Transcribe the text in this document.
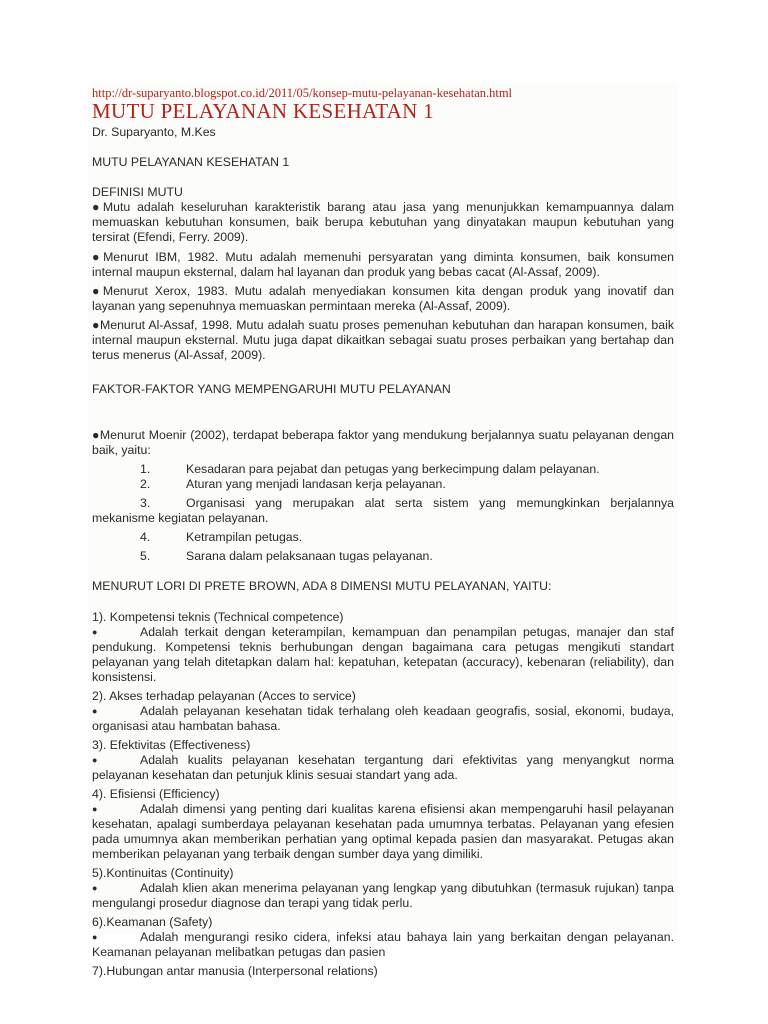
http://dr-suparyanto.blogspot.co.id/2011/05/konsep-mutu-pelayanan-kesehatan.html
MUTU PELAYANAN KESEHATAN 1

Dr. Suparyanto, M.Kes

MUTU PELAYANAN KESEHATAN 1

DEFINISI MUTU

●Mutu adalah keseluruhan karakteristik barang atau jasa yang menunjukkan kemampuannya dalam memuaskan kebutuhan konsumen, baik berupa kebutuhan yang dinyatakan maupun kebutuhan yang tersirat (Efendi, Ferry. 2009).

●Menurut IBM, 1982. Mutu adalah memenuhi persyaratan yang diminta konsumen, baik konsumen internal maupun eksternal, dalam hal layanan dan produk yang bebas cacat (Al-Assaf, 2009).

●Menurut Xerox, 1983. Mutu adalah menyediakan konsumen kita dengan produk yang inovatif dan layanan yang sepenuhnya memuaskan permintaan mereka (Al-Assaf, 2009).

●Menurut Al-Assaf, 1998. Mutu adalah suatu proses pemenuhan kebutuhan dan harapan konsumen, baik internal maupun eksternal. Mutu juga dapat dikaitkan sebagai suatu proses perbaikan yang bertahap dan terus menerus (Al-Assaf, 2009).

FAKTOR-FAKTOR YANG MEMPENGARUHI MUTU PELAYANAN

●Menurut Moenir (2002), terdapat beberapa faktor yang mendukung berjalannya suatu pelayanan dengan baik, yaitu:

1.	Kesadaran para pejabat dan petugas yang berkecimpung dalam pelayanan.

2.	Aturan yang menjadi landasan kerja pelayanan.

3.	Organisasi yang merupakan alat serta sistem yang memungkinkan berjalannya mekanisme kegiatan pelayanan.

4.	Ketrampilan petugas.

5.	Sarana dalam pelaksanaan tugas pelayanan.

MENURUT LORI DI PRETE BROWN, ADA 8 DIMENSI MUTU PELAYANAN, YAITU:

1). Kompetensi teknis (Technical competence)

●	Adalah terkait dengan keterampilan, kemampuan dan penampilan petugas, manajer dan staf pendukung. Kompetensi teknis berhubungan dengan bagaimana cara petugas mengikuti standart pelayanan yang telah ditetapkan dalam hal: kepatuhan, ketepatan (accuracy), kebenaran (reliability), dan konsistensi.

2). Akses terhadap pelayanan (Acces to service)

●	Adalah pelayanan kesehatan tidak terhalang oleh keadaan geografis, sosial, ekonomi, budaya, organisasi atau hambatan bahasa.

3). Efektivitas (Effectiveness)

●	Adalah kualits pelayanan kesehatan tergantung dari efektivitas yang menyangkut norma pelayanan kesehatan dan petunjuk klinis sesuai standart yang ada.

4). Efisiensi (Efficiency)

●	Adalah dimensi yang penting dari kualitas karena efisiensi akan mempengaruhi hasil pelayanan kesehatan, apalagi sumberdaya pelayanan kesehatan pada umumnya terbatas. Pelayanan yang efesien pada umumnya akan memberikan perhatian yang optimal kepada pasien dan masyarakat. Petugas akan memberikan pelayanan yang terbaik dengan sumber daya yang dimiliki.

5).Kontinuitas (Continuity)

●	Adalah klien akan menerima pelayanan yang lengkap yang dibutuhkan (termasuk rujukan) tanpa mengulangi prosedur diagnose dan terapi yang tidak perlu.

6).Keamanan (Safety)

●	Adalah mengurangi resiko cidera, infeksi atau bahaya lain yang berkaitan dengan pelayanan. Keamanan pelayanan melibatkan petugas dan pasien

7).Hubungan antar manusia (Interpersonal relations)
